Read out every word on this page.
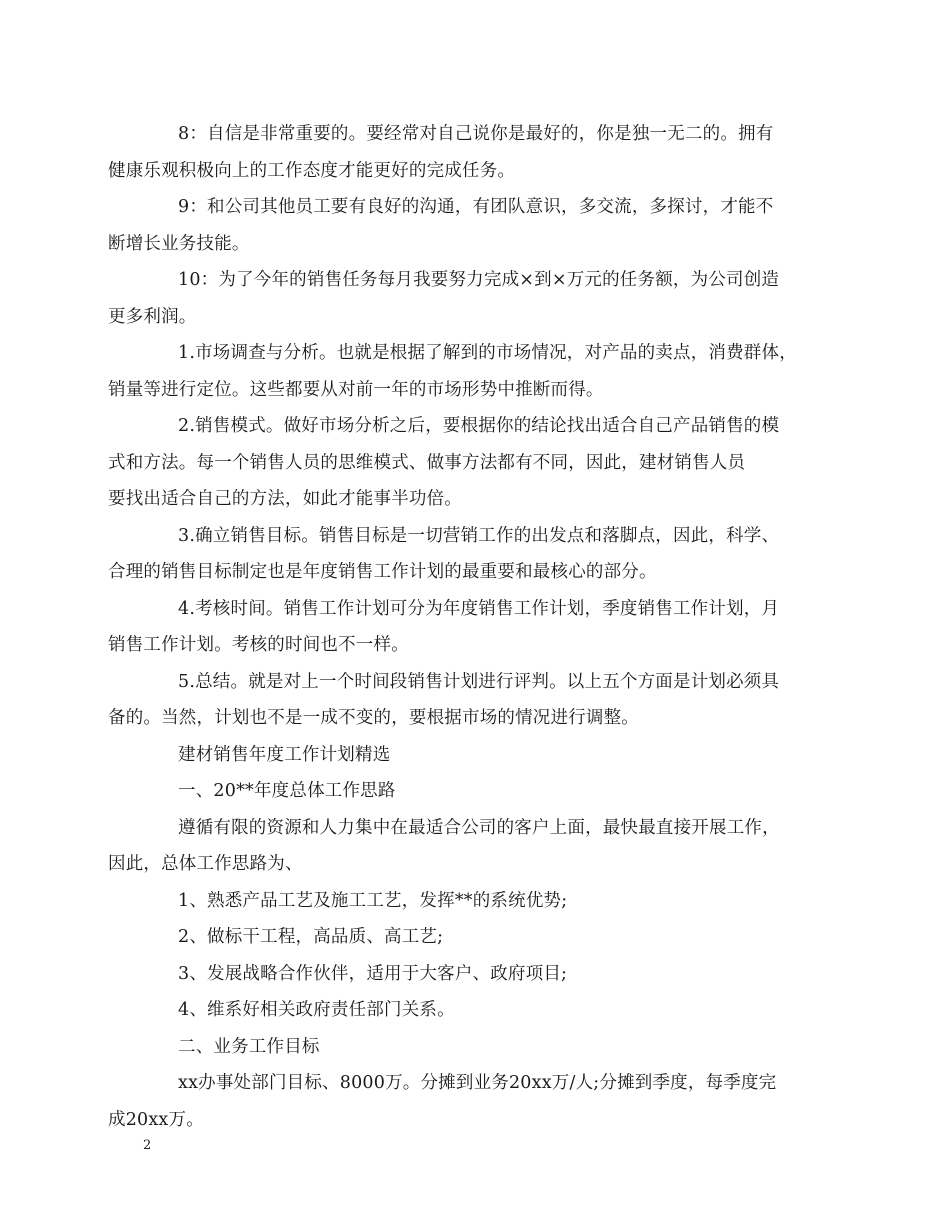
8：自信是非常重要的。要经常对自己说你是最好的，你是独一无二的。拥有
健康乐观积极向上的工作态度才能更好的完成任务。

9：和公司其他员工要有良好的沟通，有团队意识，多交流，多探讨，才能不
断增长业务技能。

10：为了今年的销售任务每月我要努力完成×到×万元的任务额，为公司创造
更多利润。

1.市场调查与分析。也就是根据了解到的市场情况，对产品的卖点，消费群体，
销量等进行定位。这些都要从对前一年的市场形势中推断而得。

2.销售模式。做好市场分析之后，要根据你的结论找出适合自己产品销售的模
式和方法。每一个销售人员的思维模式、做事方法都有不同，因此，建材销售人员
要找出适合自己的方法，如此才能事半功倍。

3.确立销售目标。销售目标是一切营销工作的出发点和落脚点，因此，科学、
合理的销售目标制定也是年度销售工作计划的最重要和最核心的部分。

4.考核时间。销售工作计划可分为年度销售工作计划，季度销售工作计划，月
销售工作计划。考核的时间也不一样。

5.总结。就是对上一个时间段销售计划进行评判。以上五个方面是计划必须具
备的。当然，计划也不是一成不变的，要根据市场的情况进行调整。

建材销售年度工作计划精选

一、20**年度总体工作思路

遵循有限的资源和人力集中在最适合公司的客户上面，最快最直接开展工作，
因此，总体工作思路为、

1、熟悉产品工艺及施工工艺，发挥**的系统优势;

2、做标干工程，高品质、高工艺;

3、发展战略合作伙伴，适用于大客户、政府项目;

4、维系好相关政府责任部门关系。

二、业务工作目标

xx办事处部门目标、8000万。分摊到业务20xx万/人;分摊到季度，每季度完
成20xx万。

2
